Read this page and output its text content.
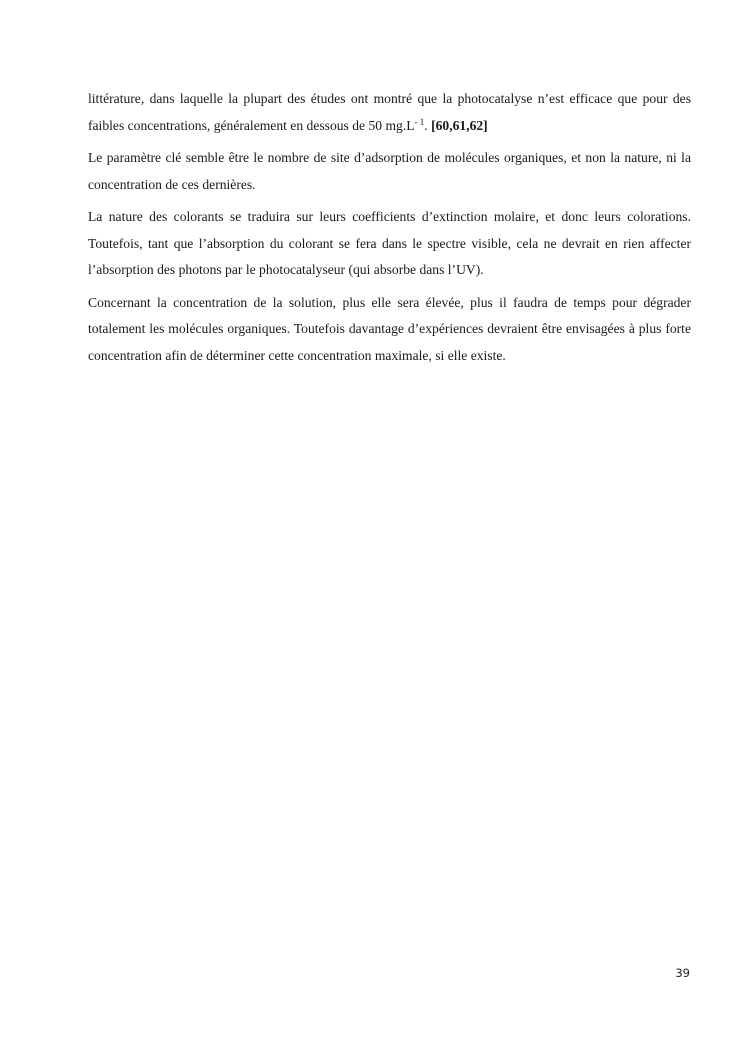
littérature, dans laquelle la plupart des études ont montré que la photocatalyse n’est efficace que pour des faibles concentrations, généralement en dessous de 50 $mg.L^{- 1}$. [60,61,62]

Le paramètre clé semble être le nombre de site d’adsorption de molécules organiques, et non la nature, ni la concentration de ces dernières.

La nature des colorants se traduira sur leurs coefficients d’extinction molaire, et donc leurs colorations. Toutefois, tant que l’absorption du colorant se fera dans le spectre visible, cela ne devrait en rien affecter l’absorption des photons par le photocatalyseur (qui absorbe dans l’UV).

Concernant la concentration de la solution, plus elle sera élevée, plus il faudra de temps pour dégrader totalement les molécules organiques. Toutefois davantage d’expériences devraient être envisagées à plus forte concentration afin de déterminer cette concentration maximale, si elle existe.

39
